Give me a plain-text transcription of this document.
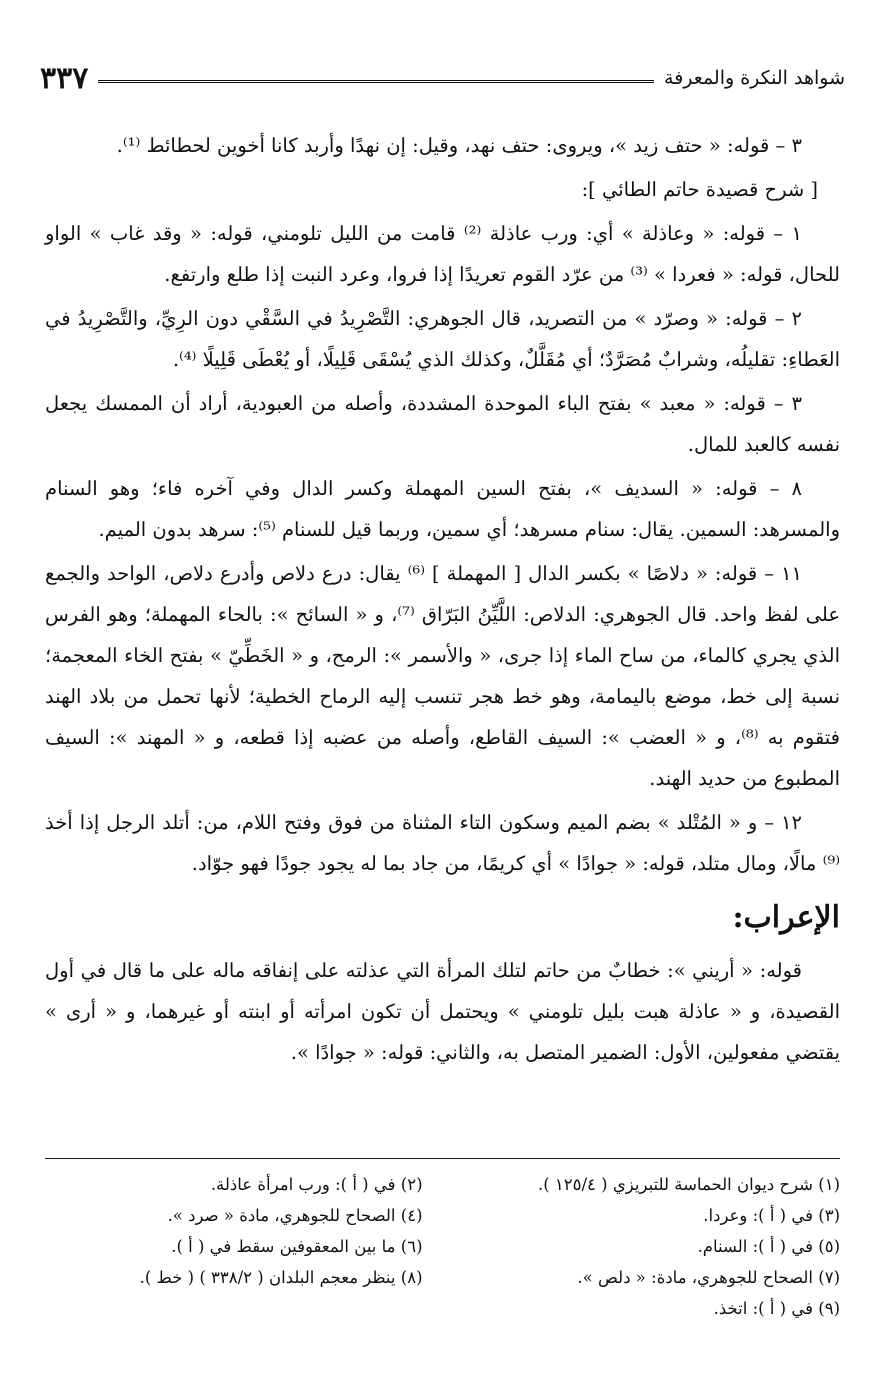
شواهد النكرة والمعرفة
٣٣٧

٣ – قوله: « حتف زيد »، ويروى: حتف نهد، وقيل: إن نهدًا وأربد كانا أخوين لحطائط ⁽¹⁾.

[ شرح قصيدة حاتم الطائي ]:

١ – قوله: « وعاذلة » أي: ورب عاذلة ⁽²⁾ قامت من الليل تلومني، قوله: « وقد غاب » الواو للحال، قوله: « فعردا » ⁽³⁾ من عرّد القوم تعريدًا إذا فروا، وعرد النبت إذا طلع وارتفع.

٢ – قوله: « وصرّد » من التصريد، قال الجوهري: التَّصْرِيدُ في السَّقْي دون الرِيِّ، والتَّصْرِيدُ في العَطاءِ: تقليلُه، وشرابٌ مُصَرَّدٌ؛ أي مُقَلَّلٌ، وكذلك الذي يُسْقَى قَلِيلًا، أو يُعْطَى قَلِيلًا ⁽⁴⁾.

٣ – قوله: « معبد » بفتح الباء الموحدة المشددة، وأصله من العبودية، أراد أن الممسك يجعل نفسه كالعبد للمال.

٨ – قوله: « السديف »، بفتح السين المهملة وكسر الدال وفي آخره فاء؛ وهو السنام والمسرهد: السمين. يقال: سنام مسرهد؛ أي سمين، وربما قيل للسنام ⁽⁵⁾: سرهد بدون الميم.

١١ – قوله: « دلاصًا » بكسر الدال [ المهملة ] ⁽⁶⁾ يقال: درع دلاص وأدرع دلاص، الواحد والجمع على لفظ واحد. قال الجوهري: الدلاص: اللَّيِّنُ البَرّاق ⁽⁷⁾، و « السائح »: بالحاء المهملة؛ وهو الفرس الذي يجري كالماء، من ساح الماء إذا جرى، « والأسمر »: الرمح، و « الخَطِّيّ » بفتح الخاء المعجمة؛ نسبة إلى خط، موضع باليمامة، وهو خط هجر تنسب إليه الرماح الخطية؛ لأنها تحمل من بلاد الهند فتقوم به ⁽⁸⁾، و « العضب »: السيف القاطع، وأصله من عضبه إذا قطعه، و « المهند »: السيف المطبوع من حديد الهند.

١٢ – و « المُتْلد » بضم الميم وسكون التاء المثناة من فوق وفتح اللام، من: أتلد الرجل إذا أخذ ⁽⁹⁾ مالًا، ومال متلد، قوله: « جوادًا » أي كريمًا، من جاد بما له يجود جودًا فهو جوّاد.

الإعراب:

قوله: « أريني »: خطابٌ من حاتم لتلك المرأة التي عذلته على إنفاقه ماله على ما قال في أول القصيدة، و « عاذلة هبت بليل تلومني » ويحتمل أن تكون امرأته أو ابنته أو غيرهما، و « أرى » يقتضي مفعولين، الأول: الضمير المتصل به، والثاني: قوله: « جوادًا ».

(١) شرح ديوان الحماسة للتبريزي ( ١٢٥/٤ ).
(٢) في ( أ ): ورب امرأة عاذلة.
(٣) في ( أ ): وعردا.
(٤) الصحاح للجوهري، مادة « صرد ».
(٥) في ( أ ): السنام.
(٦) ما بين المعقوفين سقط في ( أ ).
(٧) الصحاح للجوهري، مادة: « دلص ».
(٨) ينظر معجم البلدان ( ٣٣٨/٢ ) ( خط ).
(٩) في ( أ ): اتخذ.
